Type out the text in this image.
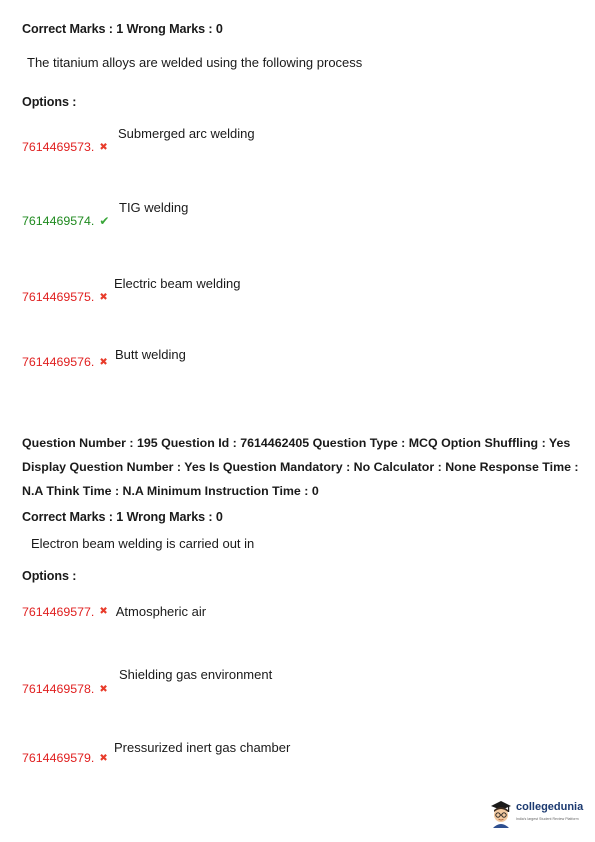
Correct Marks : 1 Wrong Marks : 0
The titanium alloys are welded using the following process
Options :
Submerged arc welding
7614469573. ✖
TIG welding
7614469574. ✔
Electric beam welding
7614469575. ✖
Butt welding
7614469576. ✖
Question Number : 195 Question Id : 7614462405 Question Type : MCQ Option Shuffling : Yes Display Question Number : Yes Is Question Mandatory : No Calculator : None Response Time : N.A Think Time : N.A Minimum Instruction Time : 0
Correct Marks : 1 Wrong Marks : 0
Electron beam welding is carried out in
Options :
7614469577. ✖ Atmospheric air
Shielding gas environment
7614469578. ✖
Pressurized inert gas chamber
7614469579. ✖
collegedunia
India's largest Student Review Platform
